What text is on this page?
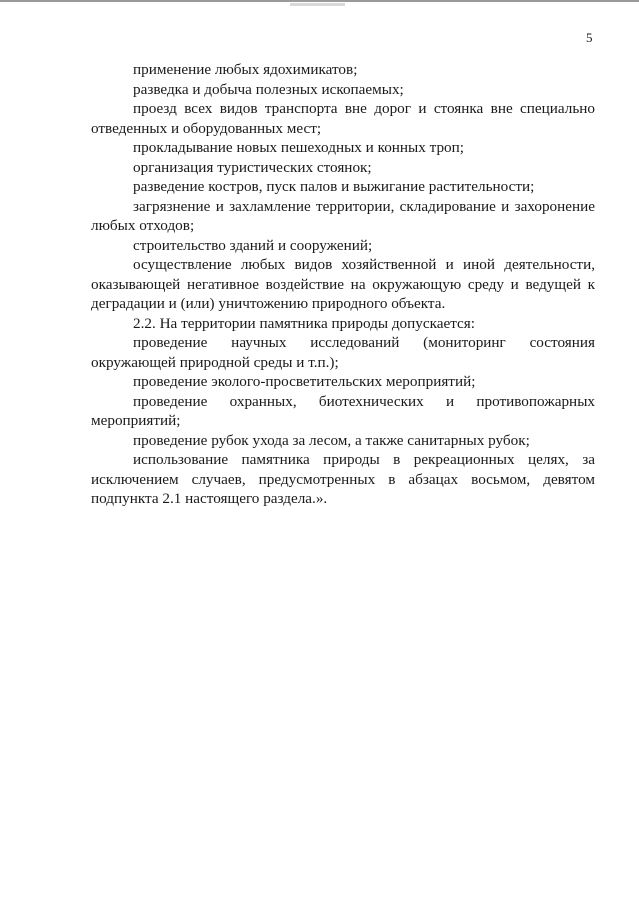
5

применение любых ядохимикатов;

разведка и добыча полезных ископаемых;

проезд всех видов транспорта вне дорог и стоянка вне специально отведенных и оборудованных мест;

прокладывание новых пешеходных и конных троп;

организация туристических стоянок;

разведение костров, пуск палов и выжигание растительности;

загрязнение и захламление территории, складирование и захоронение любых отходов;

строительство зданий и сооружений;

осуществление любых видов хозяйственной и иной деятельности, оказывающей негативное воздействие на окружающую среду и ведущей к деградации и (или) уничтожению природного объекта.

2.2. На территории памятника природы допускается:

проведение научных исследований (мониторинг состояния окружающей природной среды и т.п.);

проведение эколого-просветительских мероприятий;

проведение охранных, биотехнических и противопожарных мероприятий;

проведение рубок ухода за лесом, а также санитарных рубок;

использование памятника природы в рекреационных целях, за исключением случаев, предусмотренных в абзацах восьмом, девятом подпункта 2.1 настоящего раздела.».
